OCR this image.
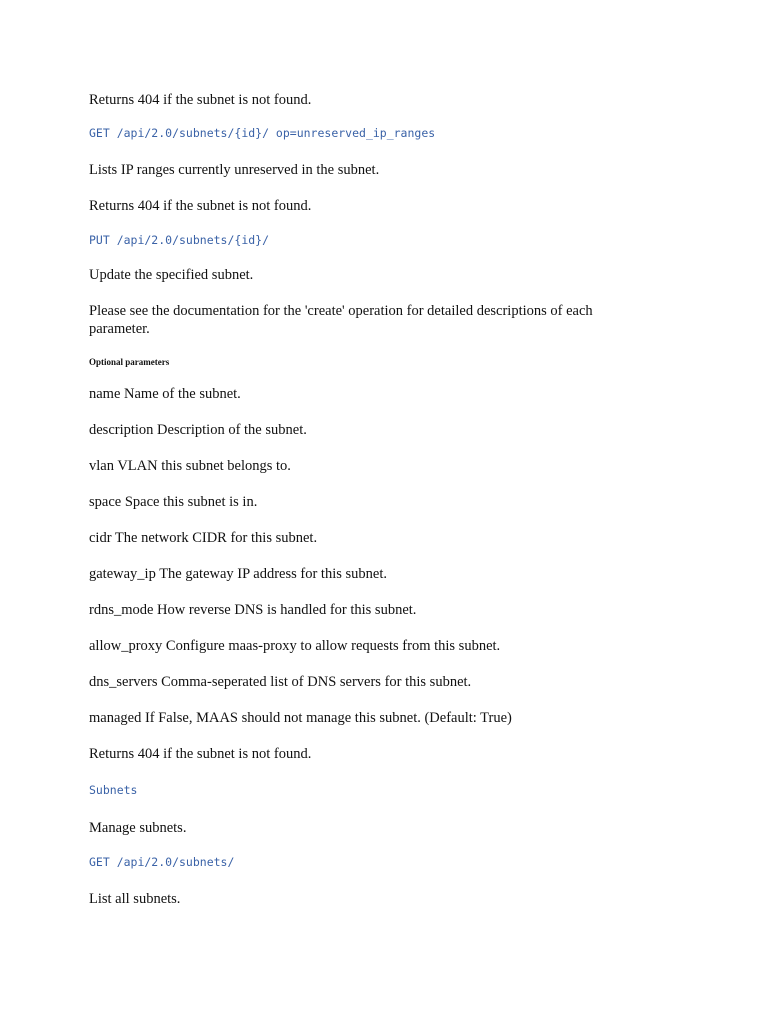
Returns 404 if the subnet is not found.

GET /api/2.0/subnets/{id}/ op=unreserved_ip_ranges

Lists IP ranges currently unreserved in the subnet.

Returns 404 if the subnet is not found.

PUT /api/2.0/subnets/{id}/

Update the specified subnet.

Please see the documentation for the 'create' operation for detailed descriptions of each parameter.

Optional parameters

name Name of the subnet.

description Description of the subnet.

vlan VLAN this subnet belongs to.

space Space this subnet is in.

cidr The network CIDR for this subnet.

gateway_ip The gateway IP address for this subnet.

rdns_mode How reverse DNS is handled for this subnet.

allow_proxy Configure maas-proxy to allow requests from this subnet.

dns_servers Comma-seperated list of DNS servers for this subnet.

managed If False, MAAS should not manage this subnet. (Default: True)

Returns 404 if the subnet is not found.

Subnets

Manage subnets.

GET /api/2.0/subnets/

List all subnets.
